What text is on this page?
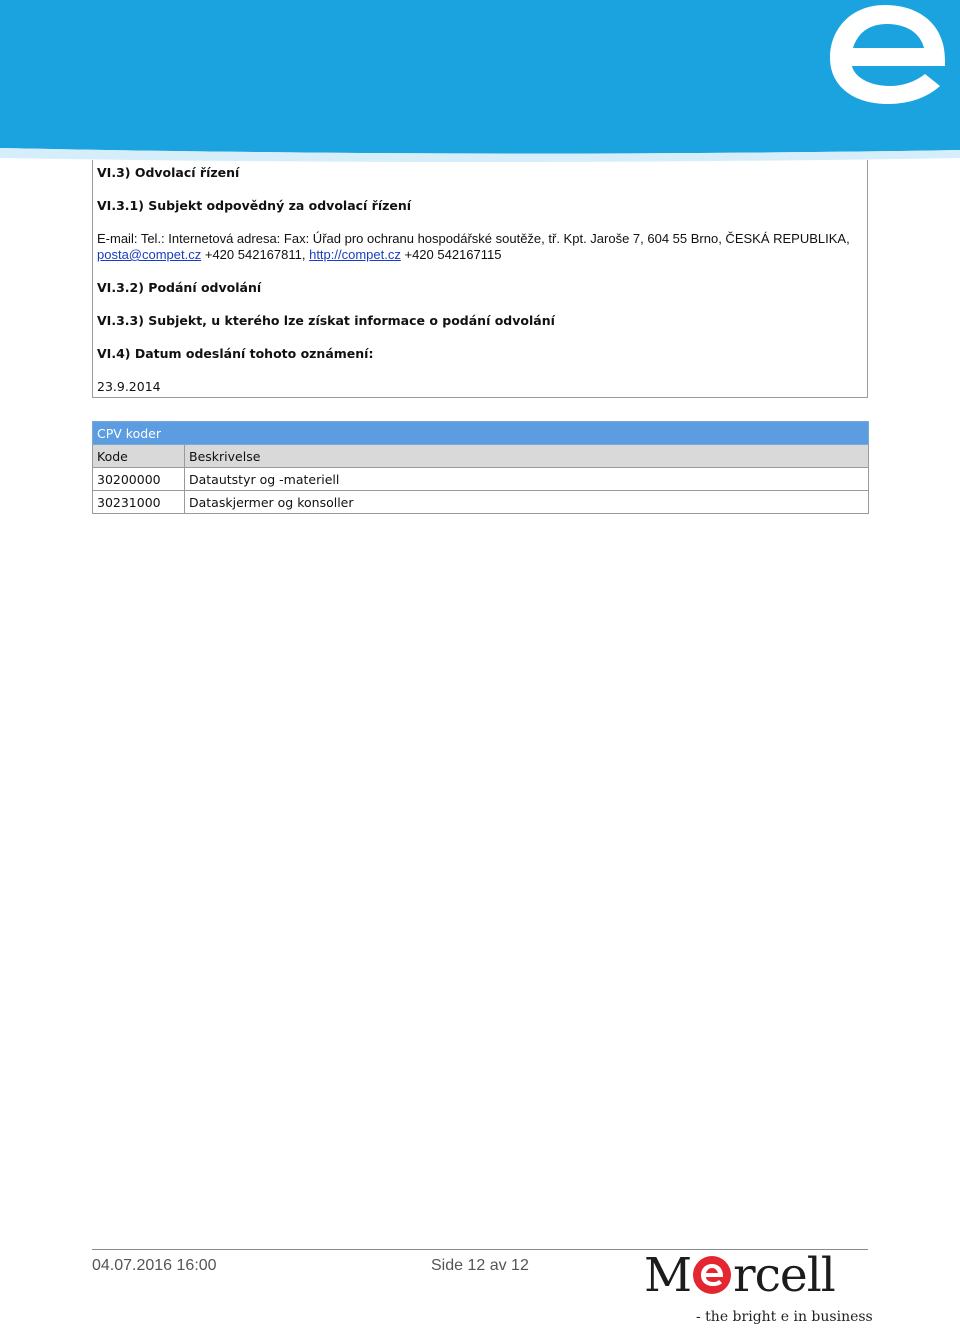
VI.3) Odvolací řízení
VI.3.1) Subjekt odpovědný za odvolací řízení
E-mail: Tel.: Internetová adresa: Fax: Úřad pro ochranu hospodářské soutěže, tř. Kpt. Jaroše 7, 604 55 Brno, ČESKÁ REPUBLIKA,
posta@compet.cz +420 542167811, http://compet.cz +420 542167115
VI.3.2) Podání odvolání
VI.3.3) Subjekt, u kterého lze získat informace o podání odvolání
VI.4) Datum odeslání tohoto oznámení:
23.9.2014
CPV koder	
Kode	Beskrivelse
30200000	Datautstyr og -materiell
30231000	Dataskjermer og konsoller
04.07.2016 16:00	Side 12 av 12 M rcell
- the bright e in business
